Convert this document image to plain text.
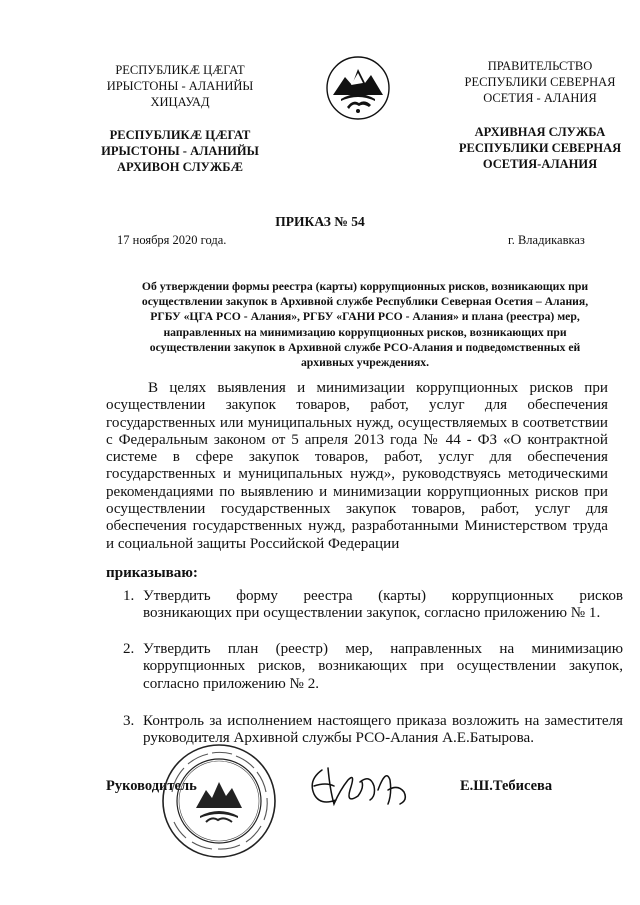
РЕСПУБЛИКÆ ЦÆГАТ
ИРЫСТОНЫ - АЛАНИЙЫ
ХИЦАУАД
РЕСПУБЛИКÆ ЦÆГАТ
ИРЫСТОНЫ - АЛАНИЙЫ
АРХИВОН СЛУЖБÆ
ПРАВИТЕЛЬСТВО
РЕСПУБЛИКИ СЕВЕРНАЯ
ОСЕТИЯ - АЛАНИЯ
АРХИВНАЯ СЛУЖБА
РЕСПУБЛИКИ СЕВЕРНАЯ
ОСЕТИЯ-АЛАНИЯ
ПРИКАЗ № 54
17 ноября 2020 года.	г. Владикавказ
Об утверждении формы реестра (карты) коррупционных рисков, возникающих при
осуществлении закупок в Архивной службе Республики Северная Осетия – Алания,
РГБУ «ЦГА РСО - Алания», РГБУ «ГАНИ РСО - Алания» и плана (реестра) мер,
направленных на минимизацию коррупционных рисков, возникающих при
осуществлении закупок в Архивной службе РСО-Алания и подведомственных ей
архивных учреждениях.
В целях выявления и минимизации коррупционных рисков при
осуществлении закупок товаров, работ, услуг для обеспечения
государственных или муниципальных нужд, осуществляемых в соответствии
с Федеральным законом от 5 апреля 2013 года № 44 - ФЗ «О контрактной
системе в сфере закупок товаров, работ, услуг для обеспечения
государственных и муниципальных нужд», руководствуясь методическими
рекомендациями по выявлению и минимизации коррупционных рисков при
осуществлении государственных закупок товаров, работ, услуг для
обеспечения государственных нужд, разработанными Министерством труда
и социальной защиты Российской Федерации
приказываю:
1. Утвердить форму реестра (карты) коррупционных рисков
возникающих при осуществлении закупок, согласно приложению № 1.
2. Утвердить план (реестр) мер, направленных на минимизацию
коррупционных рисков, возникающих при осуществлении закупок,
согласно приложению № 2.
3. Контроль за исполнением настоящего приказа возложить на заместителя
руководителя Архивной службы РСО-Алания А.Е.Батырова.
Руководитель	Е.Ш.Тебисева
